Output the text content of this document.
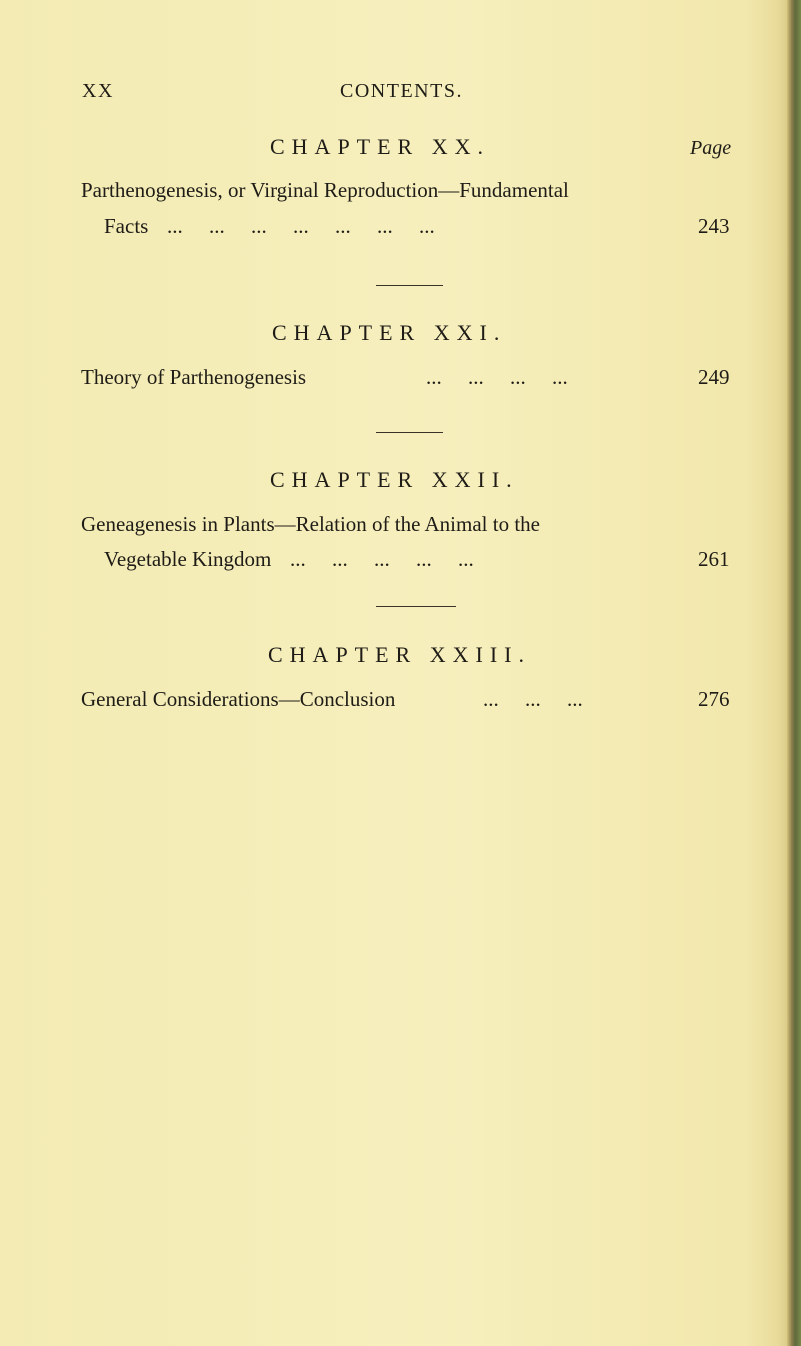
XX	CONTENTS.
CHAPTER XX.	Page
Parthenogenesis, or Virginal Reproduction—Fundamental
Facts ...     ...     ...     ...     ...     ...     ...	243
CHAPTER XXI.
Theory of Parthenogenesis	...     ...     ...     ...	249
CHAPTER XXII.
Geneagenesis in Plants—Relation of the Animal to the
Vegetable Kingdom ...     ...     ...     ...     ...	261
CHAPTER XXIII.
General Considerations—Conclusion	...     ...     ...	276
